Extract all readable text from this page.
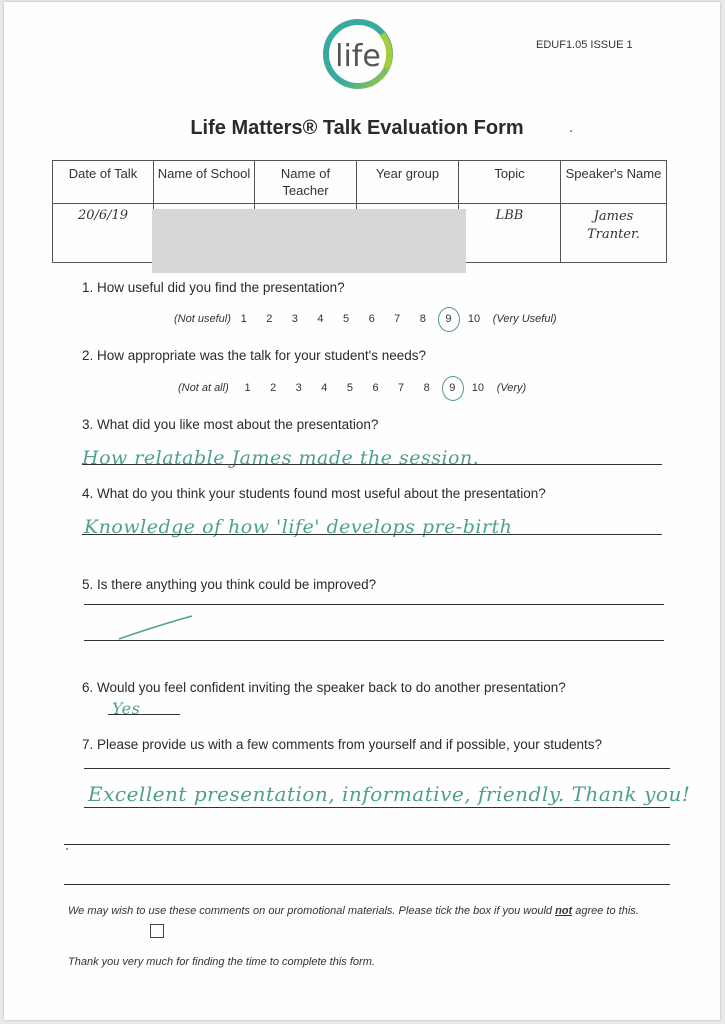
life	EDUF1.05 ISSUE 1
Life Matters® Talk Evaluation Form
Date of Talk	Name of School	Name of Teacher	Year group	Topic	Speaker's Name
20/6/19				LBB	James
Tranter.
1. How useful did you find the presentation?
(Not useful) 1	2	3	4	5	6	7	8	9	10	(Very Useful)
2. How appropriate was the talk for your student's needs?
(Not at all)	1	2	3	4	5	6	7	8	9	10	(Very)
3. What did you like most about the presentation?
How relatable James made the session.
4. What do you think your students found most useful about the presentation?
Knowledge of how 'life' develops pre-birth
5. Is there anything you think could be improved?
6. Would you feel confident inviting the speaker back to do another presentation?
Yes
7. Please provide us with a few comments from yourself and if possible, your students?
Excellent presentation, informative, friendly. Thank you!
We may wish to use these comments on our promotional materials. Please tick the box if you would not agree to this.
Thank you very much for finding the time to complete this form.
